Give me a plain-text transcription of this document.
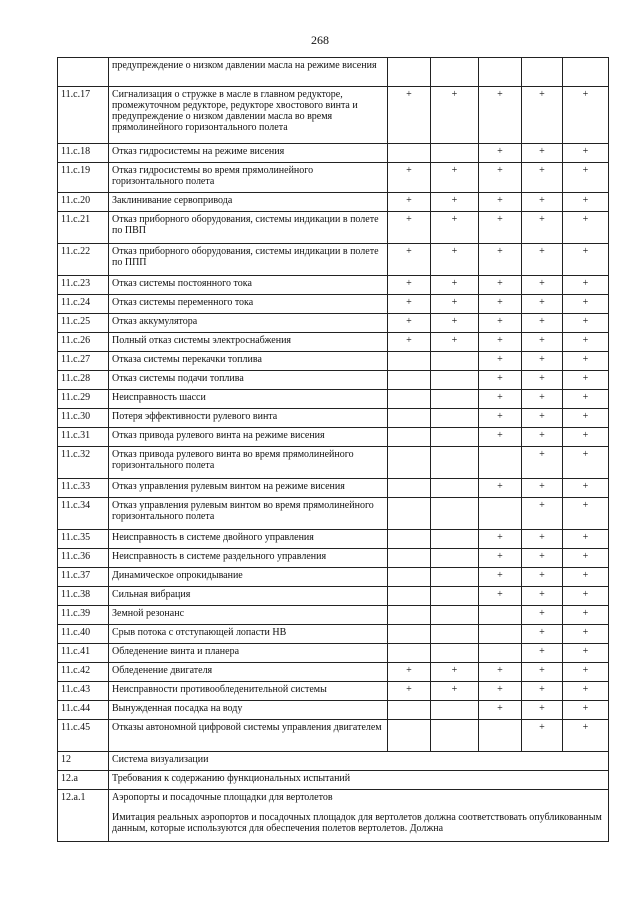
268
	предупреждение о низком давлении масла на режиме висения					
11.c.17	Сигнализация о стружке в масле в главном редукторе, промежуточном редукторе, редукторе хвостового винта и предупреждение о низком давлении масла во время прямолинейного горизонтального полета	+	+	+	+	+
11.c.18	Отказ гидросистемы на режиме висения			+	+	+
11.c.19	Отказ гидросистемы во время прямолинейного горизонтального полета	+	+	+	+	+
11.c.20	Заклинивание сервопривода	+	+	+	+	+
11.c.21	Отказ приборного оборудования, системы индикации в полете по ПВП	+	+	+	+	+
11.c.22	Отказ приборного оборудования, системы индикации в полете по ППП	+	+	+	+	+
11.c.23	Отказ системы постоянного тока	+	+	+	+	+
11.c.24	Отказ системы переменного тока	+	+	+	+	+
11.c.25	Отказ аккумулятора	+	+	+	+	+
11.c.26	Полный отказ системы электроснабжения	+	+	+	+	+
11.c.27	Отказа системы перекачки топлива			+	+	+
11.c.28	Отказ системы подачи топлива			+	+	+
11.c.29	Неисправность шасси			+	+	+
11.c.30	Потеря эффективности рулевого винта			+	+	+
11.c.31	Отказ привода рулевого винта на режиме висения			+	+	+
11.c.32	Отказ привода рулевого винта во время прямолинейного горизонтального полета				+	+
11.c.33	Отказ управления рулевым винтом на режиме висения			+	+	+
11.c.34	Отказ управления рулевым винтом во время прямолинейного горизонтального полета				+	+
11.c.35	Неисправность в системе двойного управления			+	+	+
11.c.36	Неисправность в системе раздельного управления			+	+	+
11.c.37	Динамическое опрокидывание			+	+	+
11.c.38	Сильная вибрация			+	+	+
11.c.39	Земной резонанс				+	+
11.c.40	Срыв потока с отступающей лопасти НВ				+	+
11.c.41	Обледенение винта и планера				+	+
11.c.42	Обледенение двигателя	+	+	+	+	+
11.c.43	Неисправности противообледенительной системы	+	+	+	+	+
11.c.44	Вынужденная посадка на воду			+	+	+
11.c.45	Отказы автономной цифровой системы управления двигателем				+	+
12	Система визуализации					
12.a	Требования к содержанию функциональных испытаний					
12.a.1	Аэропорты и посадочные площадки для вертолетов
Имитация реальных аэропортов и посадочных площадок для вертолетов должна соответствовать опубликованным данным, которые используются для обеспечения полетов вертолетов. Должна					
